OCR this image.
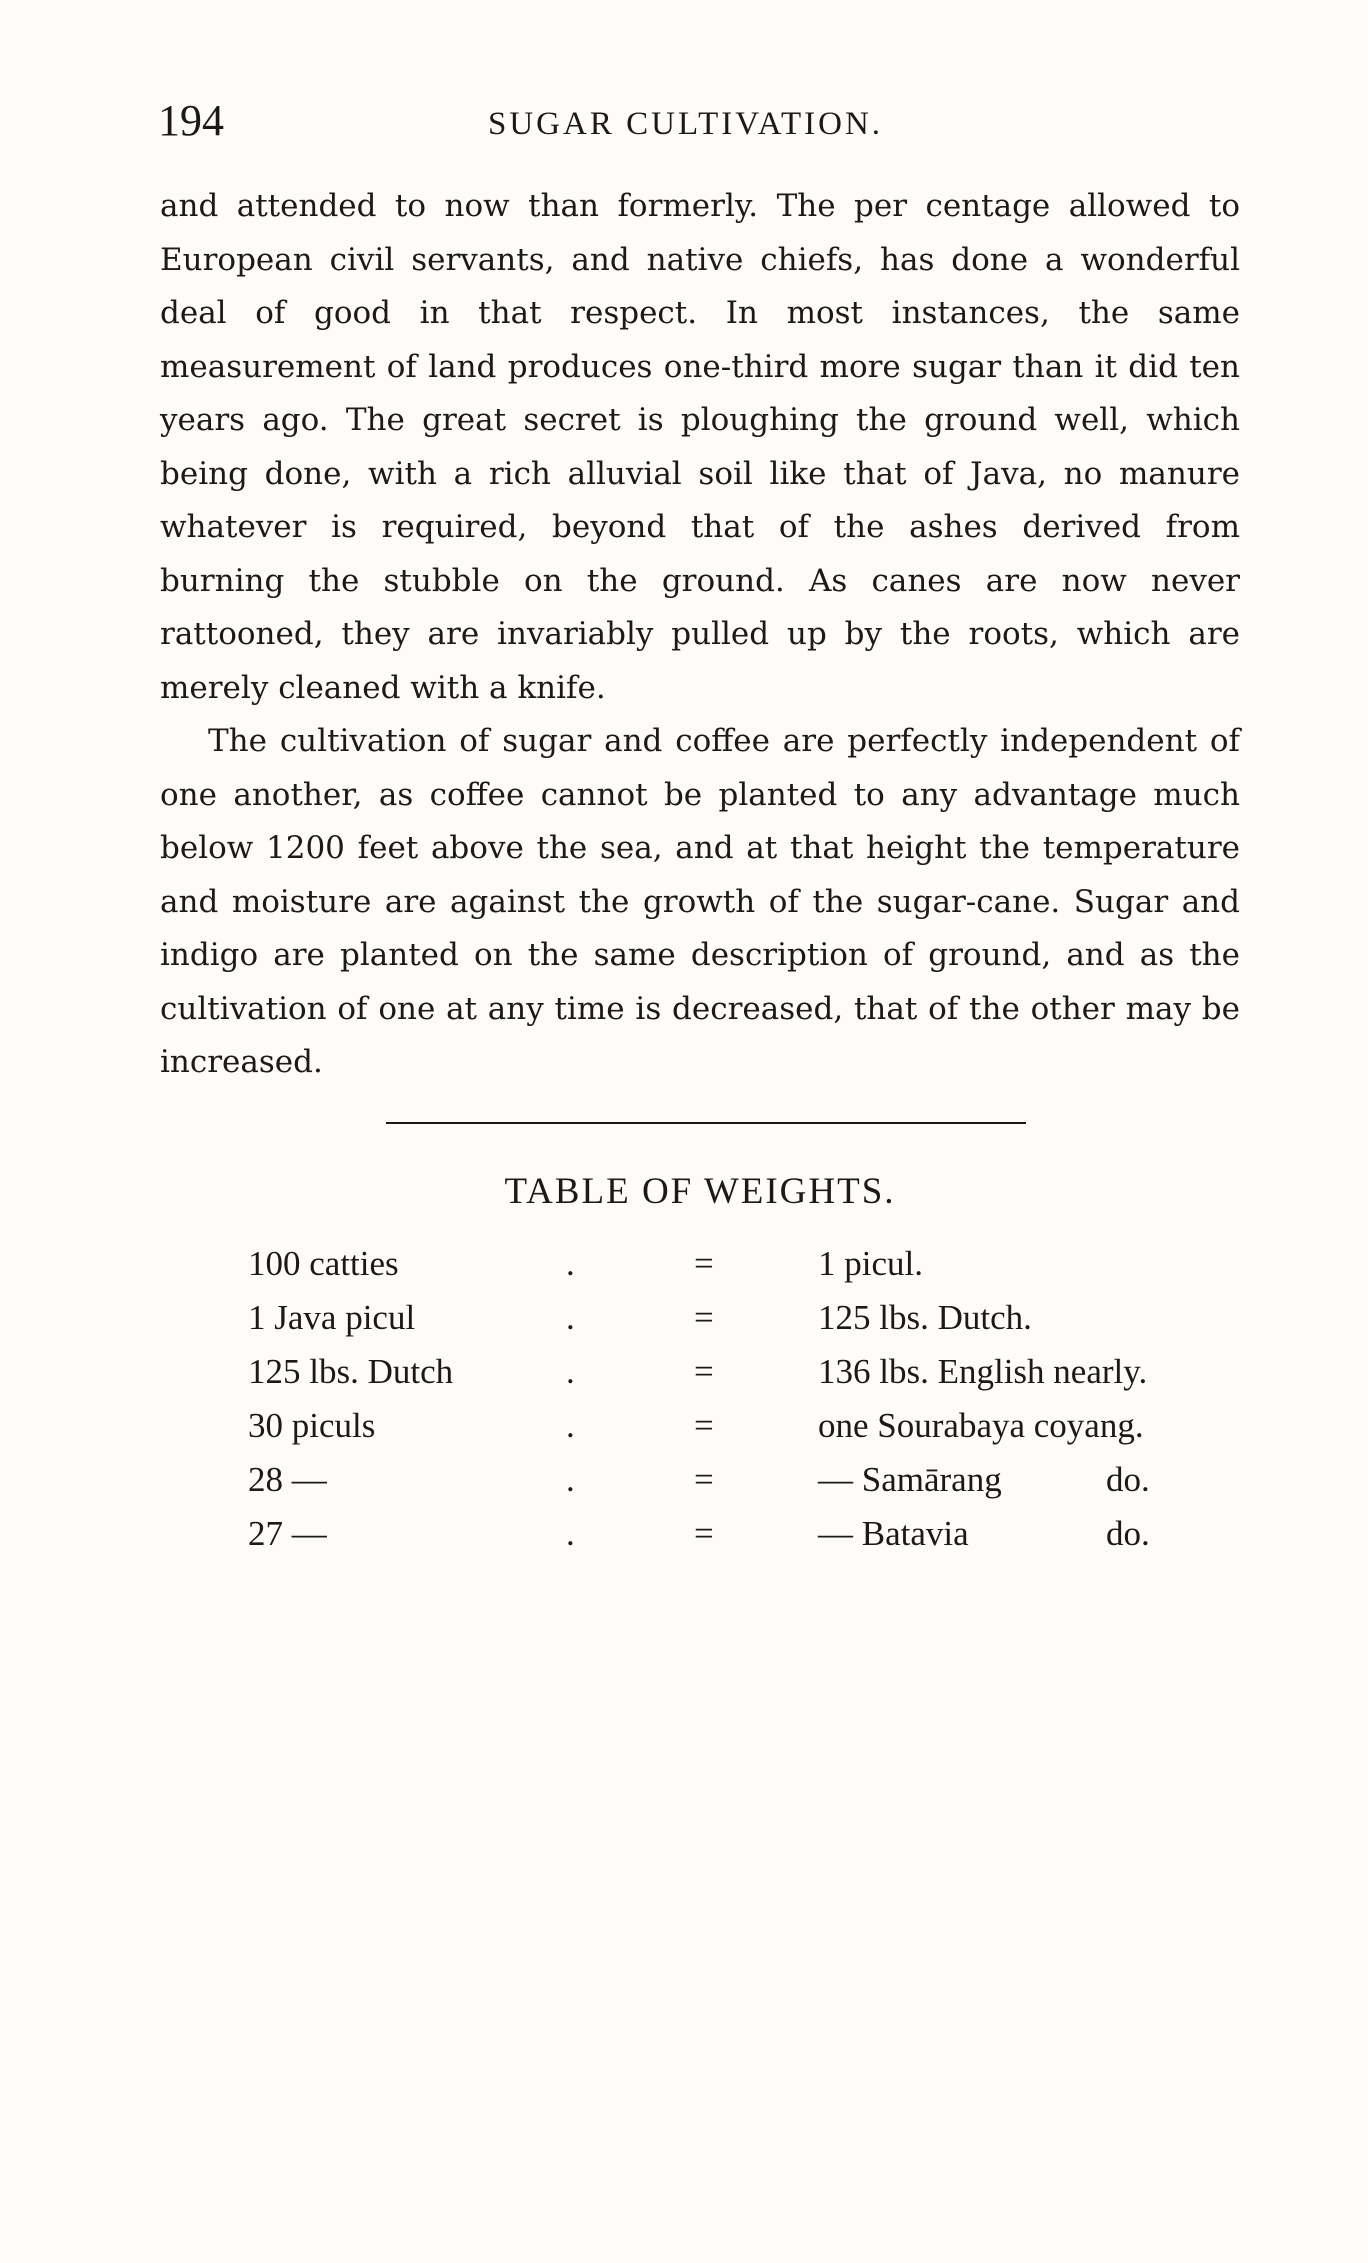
194	SUGAR CULTIVATION.

and attended to now than formerly. The per centage allowed to European civil servants, and native chiefs, has done a wonderful deal of good in that respect. In most instances, the same measurement of land produces one-third more sugar than it did ten years ago. The great secret is ploughing the ground well, which being done, with a rich alluvial soil like that of Java, no manure whatever is required, beyond that of the ashes derived from burning the stubble on the ground. As canes are now never rattooned, they are invariably pulled up by the roots, which are merely cleaned with a knife.

The cultivation of sugar and coffee are perfectly independent of one another, as coffee cannot be planted to any advantage much below 1200 feet above the sea, and at that height the temperature and moisture are against the growth of the sugar-cane. Sugar and indigo are planted on the same description of ground, and as the cultivation of one at any time is decreased, that of the other may be increased.

TABLE OF WEIGHTS.
100 catties	.	=	1 picul.
1 Java picul	.	=	125 lbs. Dutch.
125 lbs. Dutch	.	=	136 lbs. English nearly.
30 piculs	.	=	one Sourabaya coyang.
28 —	.	=	— Samārang	do.
27 —	.	=	— Batavia	do.
